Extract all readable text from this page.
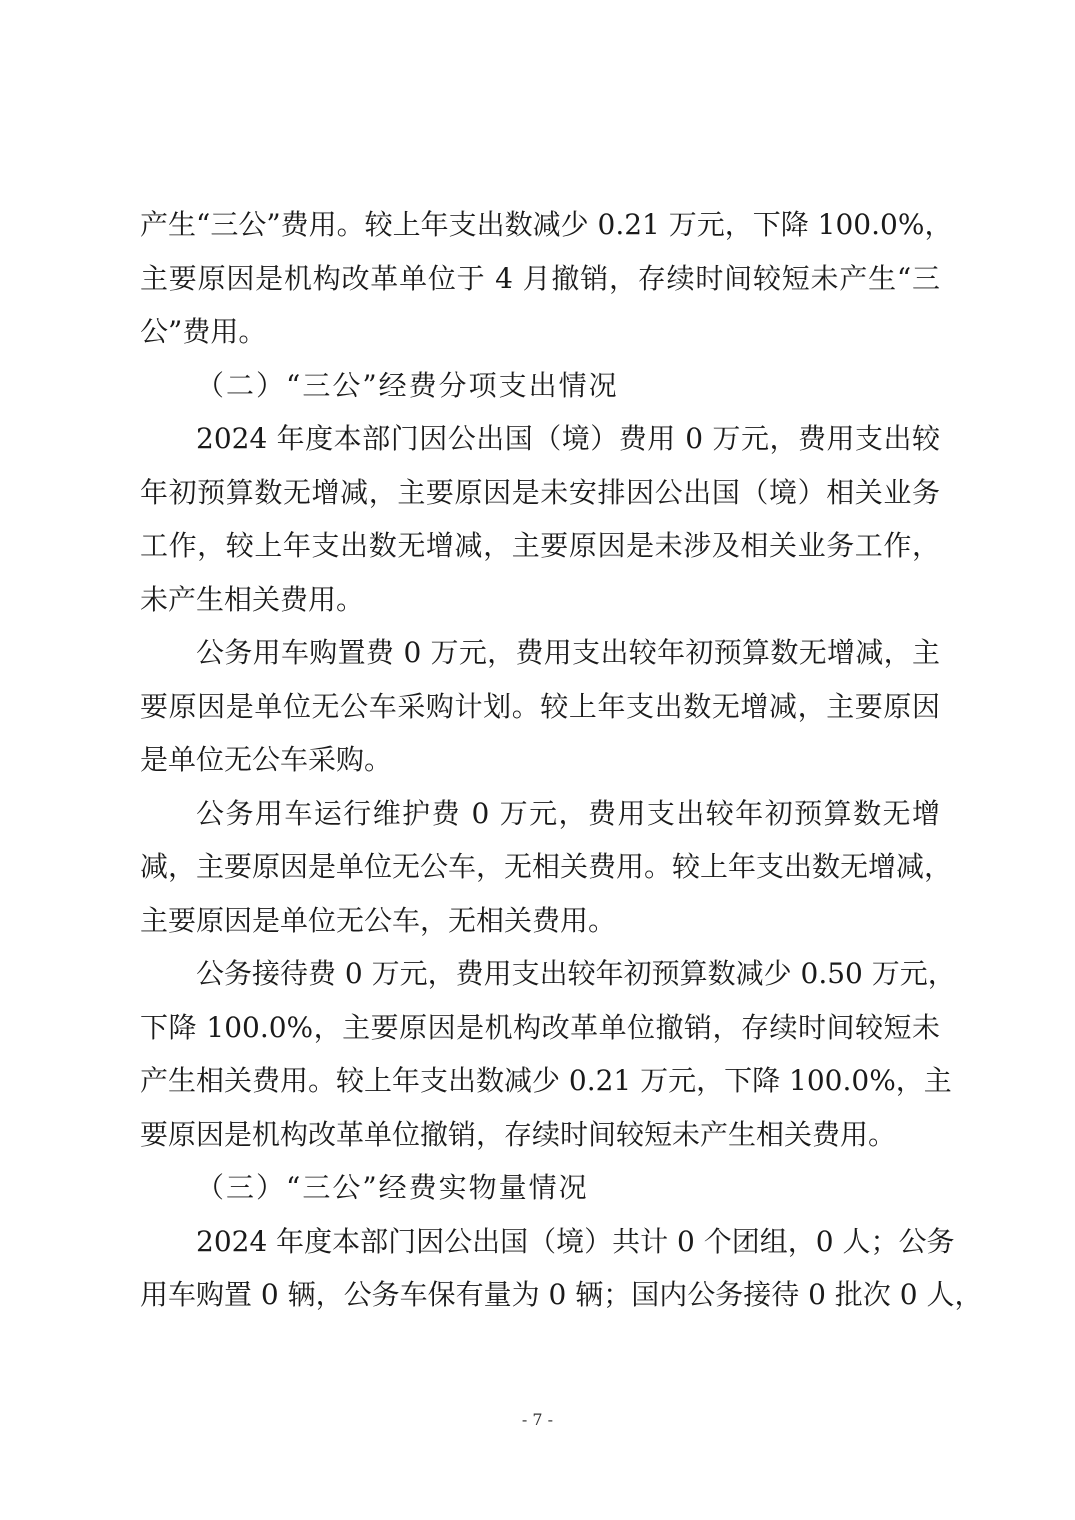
产生“三公”费用。较上年支出数减少 0.21 万元，下降 100.0%，
主要原因是机构改革单位于 4 月撤销，存续时间较短未产生“三
公”费用。
（二）“三公”经费分项支出情况
2024 年度本部门因公出国（境）费用 0 万元，费用支出较
年初预算数无增减，主要原因是未安排因公出国（境）相关业务
工作，较上年支出数无增减，主要原因是未涉及相关业务工作，
未产生相关费用。
公务用车购置费 0 万元，费用支出较年初预算数无增减，主
要原因是单位无公车采购计划。较上年支出数无增减，主要原因
是单位无公车采购。
公务用车运行维护费 0 万元，费用支出较年初预算数无增
减，主要原因是单位无公车，无相关费用。较上年支出数无增减，
主要原因是单位无公车，无相关费用。
公务接待费 0 万元，费用支出较年初预算数减少 0.50 万元，
下降 100.0%，主要原因是机构改革单位撤销，存续时间较短未
产生相关费用。较上年支出数减少 0.21 万元，下降 100.0%，主
要原因是机构改革单位撤销，存续时间较短未产生相关费用。
（三）“三公”经费实物量情况
2024 年度本部门因公出国（境）共计 0 个团组，0 人；公务
用车购置 0 辆，公务车保有量为 0 辆；国内公务接待 0 批次 0 人，
- 7 -
